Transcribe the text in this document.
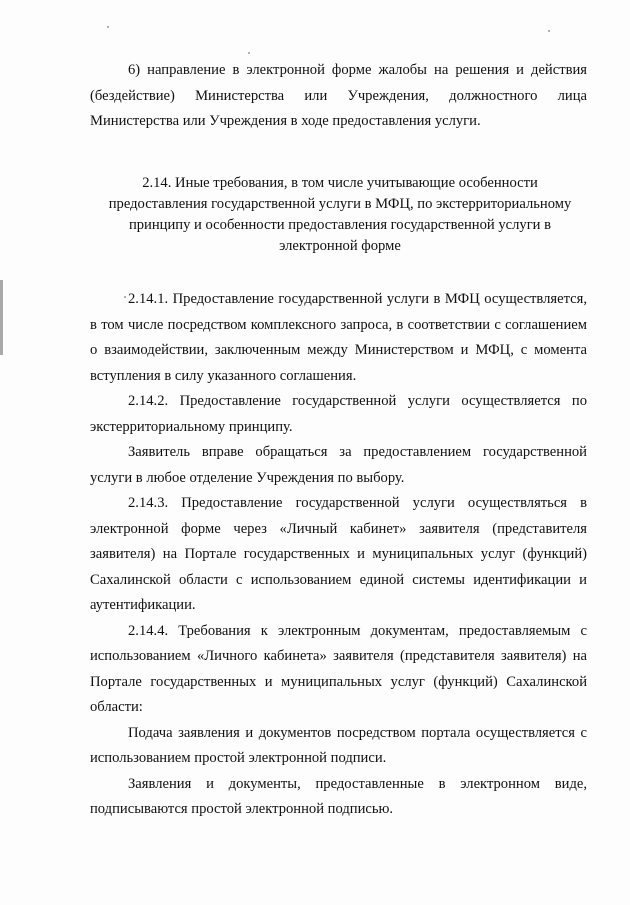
6) направление в электронной форме жалобы на решения и действия (бездействие) Министерства или Учреждения, должностного лица Министерства или Учреждения в ходе предоставления услуги.

2.14. Иные требования, в том числе учитывающие особенности предоставления государственной услуги в МФЦ, по экстерриториальному принципу и особенности предоставления государственной услуги в электронной форме

2.14.1. Предоставление государственной услуги в МФЦ осуществляется, в том числе посредством комплексного запроса, в соответствии с соглашением о взаимодействии, заключенным между Министерством и МФЦ, с момента вступления в силу указанного соглашения.

2.14.2. Предоставление государственной услуги осуществляется по экстерриториальному принципу.

Заявитель вправе обращаться за предоставлением государственной услуги в любое отделение Учреждения по выбору.

2.14.3. Предоставление государственной услуги осуществляться в электронной форме через «Личный кабинет» заявителя (представителя заявителя) на Портале государственных и муниципальных услуг (функций) Сахалинской области с использованием единой системы идентификации и аутентификации.

2.14.4. Требования к электронным документам, предоставляемым с использованием «Личного кабинета» заявителя (представителя заявителя) на Портале государственных и муниципальных услуг (функций) Сахалинской области:

Подача заявления и документов посредством портала осуществляется с использованием простой электронной подписи.

Заявления и документы, предоставленные в электронном виде, подписываются простой электронной подписью.
